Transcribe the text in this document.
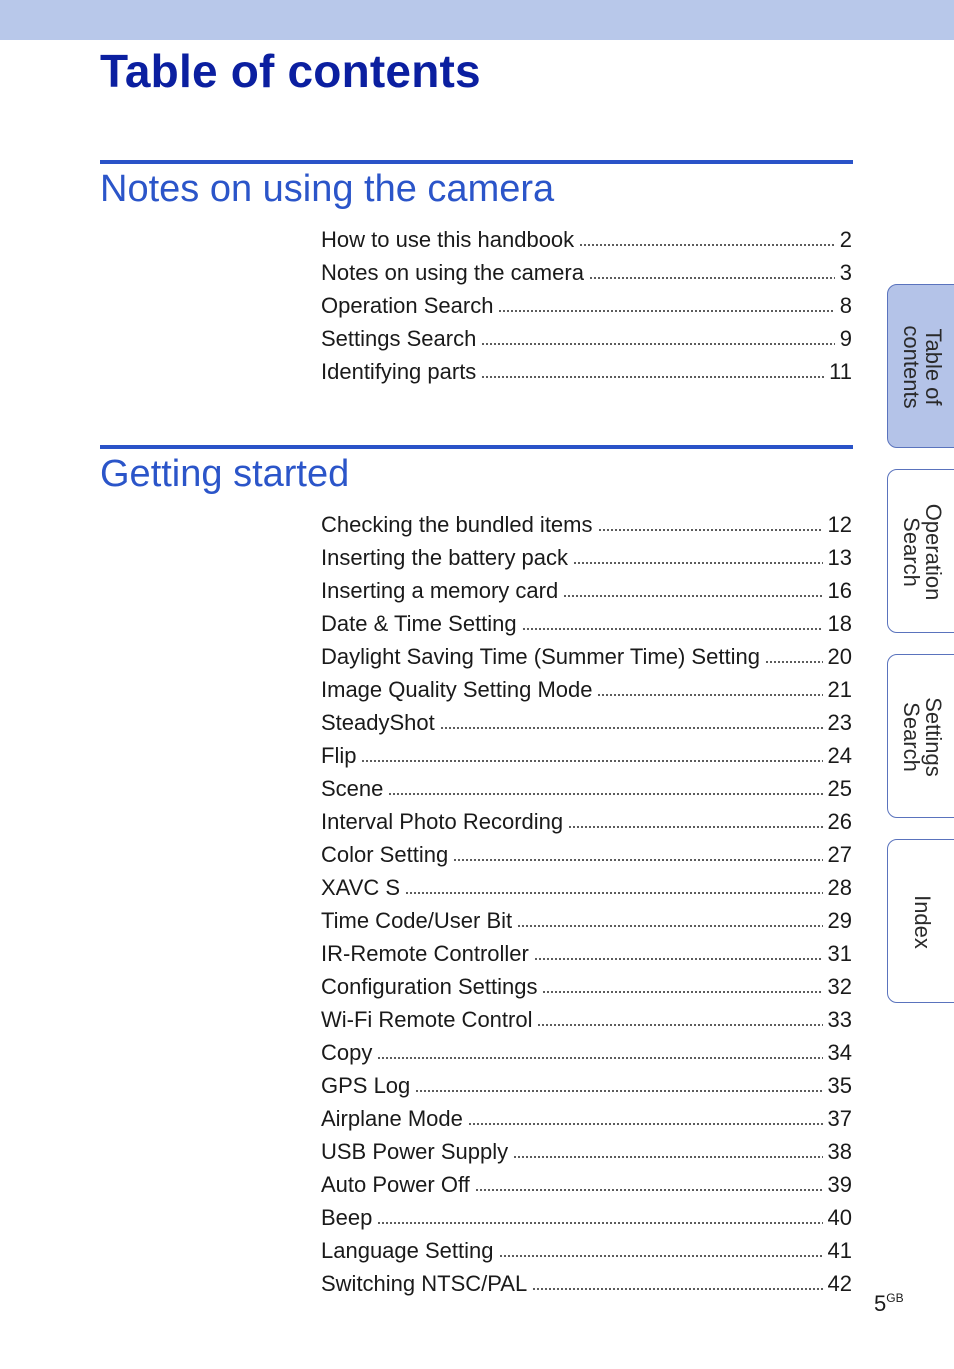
Table of contents
Notes on using the camera
How to use this handbook	2
Notes on using the camera	3
Operation Search	8
Settings Search	9
Identifying parts	11
Getting started
Checking the bundled items	12
Inserting the battery pack	13
Inserting a memory card	16
Date & Time Setting	18
Daylight Saving Time (Summer Time) Setting	20
Image Quality Setting Mode	21
SteadyShot	23
Flip	24
Scene	25
Interval Photo Recording	26
Color Setting	27
XAVC S	28
Time Code/User Bit	29
IR-Remote Controller	31
Configuration Settings	32
Wi-Fi Remote Control	33
Copy	34
GPS Log	35
Airplane Mode	37
USB Power Supply	38
Auto Power Off	39
Beep	40
Language Setting	41
Switching NTSC/PAL	42
Table of
contents
Operation
Search
Settings
Search
Index
$5^{GB}$
